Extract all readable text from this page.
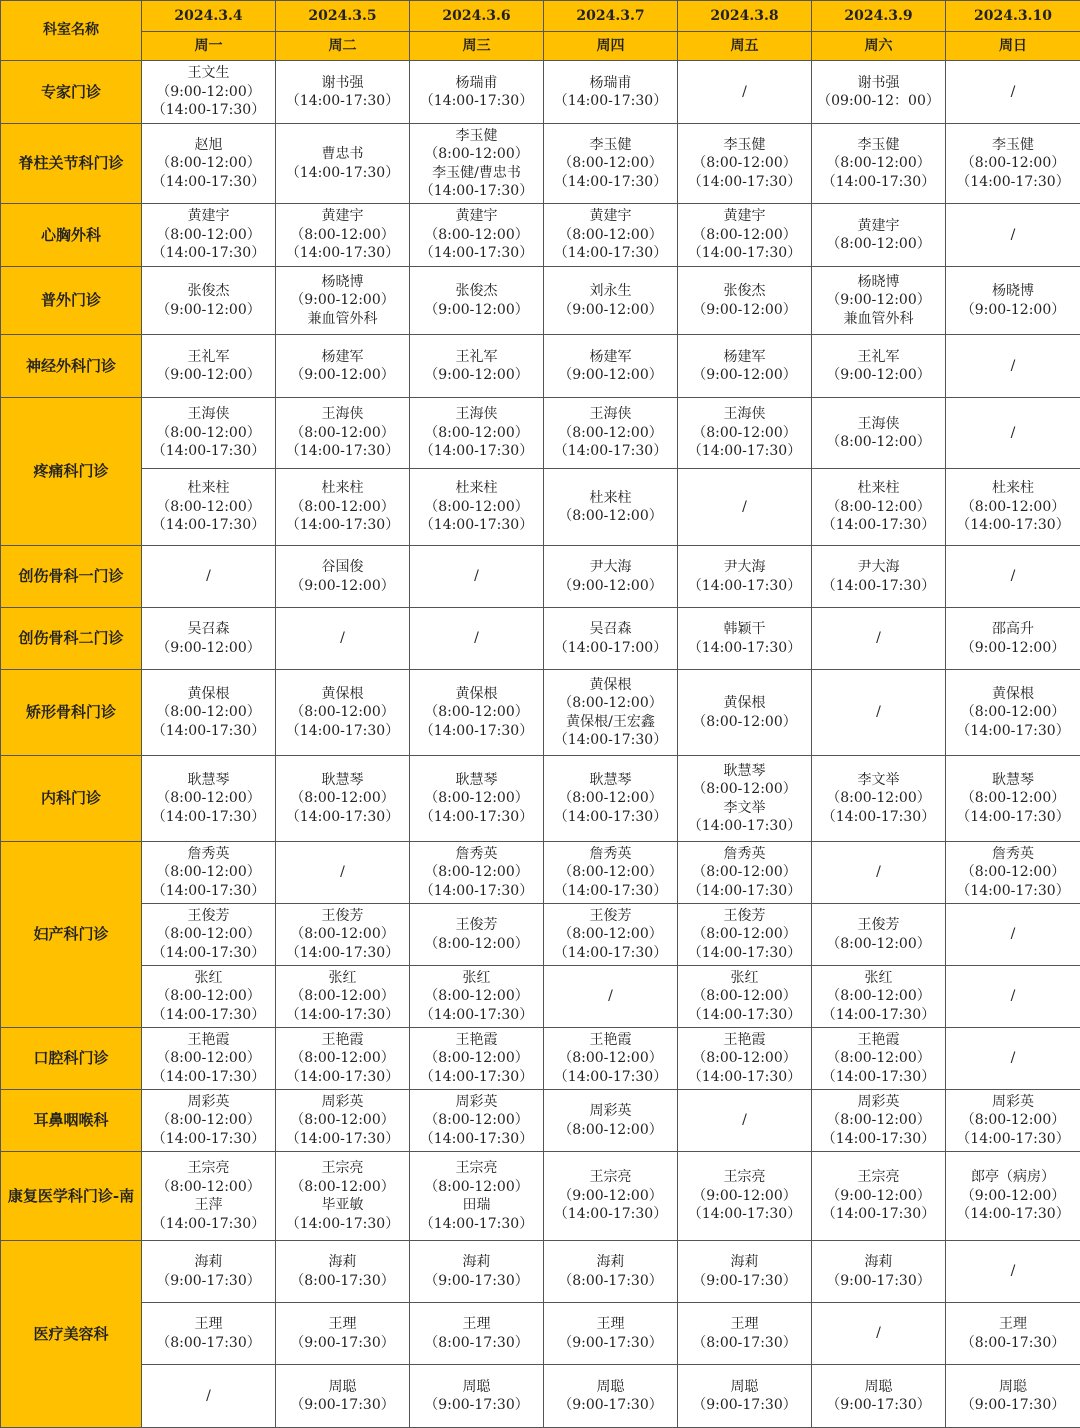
科室名称	2024.3.4	2024.3.5	2024.3.6	2024.3.7	2024.3.8	2024.3.9	2024.3.10
	周一	周二	周三	周四	周五	周六	周日
专家门诊	王文生
（9:00-12:00）
（14:00-17:30）	谢书强
（14:00-17:30）	杨瑞甫
（14:00-17:30）	杨瑞甫
（14:00-17:30）	/	谢书强
（09:00-12：00）	/

脊柱关节科门诊	赵旭
（8:00-12:00）
（14:00-17:30）	曹忠书
（14:00-17:30）	李玉健
（8:00-12:00）
李玉健/曹忠书
（14:00-17:30）	李玉健
（8:00-12:00）
（14:00-17:30）	李玉健
（8:00-12:00）
（14:00-17:30）	李玉健
（8:00-12:00）
（14:00-17:30）	李玉健
（8:00-12:00）
（14:00-17:30）

心胸外科	黄建宇
（8:00-12:00）
（14:00-17:30）	黄建宇
（8:00-12:00）
（14:00-17:30）	黄建宇
（8:00-12:00）
（14:00-17:30）	黄建宇
（8:00-12:00）
（14:00-17:30）	黄建宇
（8:00-12:00）
（14:00-17:30）	黄建宇
（8:00-12:00）	/

普外门诊	张俊杰
（9:00-12:00）	杨晓博
（9:00-12:00）
兼血管外科	张俊杰
（9:00-12:00）	刘永生
（9:00-12:00）	张俊杰
（9:00-12:00）	杨晓博
（9:00-12:00）
兼血管外科	杨晓博
（9:00-12:00）

神经外科门诊	王礼军
（9:00-12:00）	杨建军
（9:00-12:00）	王礼军
（9:00-12:00）	杨建军
（9:00-12:00）	杨建军
（9:00-12:00）	王礼军
（9:00-12:00）	/

疼痛科门诊	王海侠
（8:00-12:00）
（14:00-17:30）	王海侠
（8:00-12:00）
（14:00-17:30）	王海侠
（8:00-12:00）
（14:00-17:30）	王海侠
（8:00-12:00）
（14:00-17:30）	王海侠
（8:00-12:00）
（14:00-17:30）	王海侠
（8:00-12:00）	/

	杜来柱
（8:00-12:00）
（14:00-17:30）	杜来柱
（8:00-12:00）
（14:00-17:30）	杜来柱
（8:00-12:00）
（14:00-17:30）	杜来柱
（8:00-12:00）	/	杜来柱
（8:00-12:00）
（14:00-17:30）	杜来柱
（8:00-12:00）
（14:00-17:30）

创伤骨科一门诊	/	谷国俊
（9:00-12:00）	/	尹大海
（9:00-12:00）	尹大海
（14:00-17:30）	尹大海
（14:00-17:30）	/

创伤骨科二门诊	吴召森
（9:00-12:00）	/	/	吴召森
（14:00-17:00）	韩颖干
（14:00-17:30）	/	邵高升
（9:00-12:00）

矫形骨科门诊	黄保根
（8:00-12:00）
（14:00-17:30）	黄保根
（8:00-12:00）
（14:00-17:30）	黄保根
（8:00-12:00）
（14:00-17:30）	黄保根
（8:00-12:00）
黄保根/王宏鑫
（14:00-17:30）	黄保根
（8:00-12:00）	/	黄保根
（8:00-12:00）
（14:00-17:30）

内科门诊	耿慧琴
（8:00-12:00）
（14:00-17:30）	耿慧琴
（8:00-12:00）
（14:00-17:30）	耿慧琴
（8:00-12:00）
（14:00-17:30）	耿慧琴
（8:00-12:00）
（14:00-17:30）	耿慧琴
（8:00-12:00）
李文举
（14:00-17:30）	李文举
（8:00-12:00）
（14:00-17:30）	耿慧琴
（8:00-12:00）
（14:00-17:30）

妇产科门诊	詹秀英
（8:00-12:00）
（14:00-17:30）	/	詹秀英
（8:00-12:00）
（14:00-17:30）	詹秀英
（8:00-12:00）
（14:00-17:30）	詹秀英
（8:00-12:00）
（14:00-17:30）	/	詹秀英
（8:00-12:00）
（14:00-17:30）

	王俊芳
（8:00-12:00）
（14:00-17:30）	王俊芳
（8:00-12:00）
（14:00-17:30）	王俊芳
（8:00-12:00）	王俊芳
（8:00-12:00）
（14:00-17:30）	王俊芳
（8:00-12:00）
（14:00-17:30）	王俊芳
（8:00-12:00）	/

	张红
（8:00-12:00）
（14:00-17:30）	张红
（8:00-12:00）
（14:00-17:30）	张红
（8:00-12:00）
（14:00-17:30）	/	张红
（8:00-12:00）
（14:00-17:30）	张红
（8:00-12:00）
（14:00-17:30）	/

口腔科门诊	王艳霞
（8:00-12:00）
（14:00-17:30）	王艳霞
（8:00-12:00）
（14:00-17:30）	王艳霞
（8:00-12:00）
（14:00-17:30）	王艳霞
（8:00-12:00）
（14:00-17:30）	王艳霞
（8:00-12:00）
（14:00-17:30）	王艳霞
（8:00-12:00）
（14:00-17:30）	/

耳鼻咽喉科	周彩英
（8:00-12:00）
（14:00-17:30）	周彩英
（8:00-12:00）
（14:00-17:30）	周彩英
（8:00-12:00）
（14:00-17:30）	周彩英
（8:00-12:00）	/	周彩英
（8:00-12:00）
（14:00-17:30）	周彩英
（8:00-12:00）
（14:00-17:30）

康复医学科门诊-南	王宗亮
（8:00-12:00）
王萍
（14:00-17:30）	王宗亮
（8:00-12:00）
毕亚敏
（14:00-17:30）	王宗亮
（8:00-12:00）
田瑞
（14:00-17:30）	王宗亮
（9:00-12:00）
（14:00-17:30）	王宗亮
（9:00-12:00）
（14:00-17:30）	王宗亮
（9:00-12:00）
（14:00-17:30）	郎亭（病房）
（9:00-12:00）
（14:00-17:30）

医疗美容科	海莉
（9:00-17:30）	海莉
（8:00-17:30）	海莉
（9:00-17:30）	海莉
（8:00-17:30）	海莉
（9:00-17:30）	海莉
（9:00-17:30）	/

	王理
（8:00-17:30）	王理
（9:00-17:30）	王理
（8:00-17:30）	王理
（9:00-17:30）	王理
（8:00-17:30）	/	王理
（8:00-17:30）

	/	周聪
（9:00-17:30）	周聪
（9:00-17:30）	周聪
（9:00-17:30）	周聪
（9:00-17:30）	周聪
（9:00-17:30）	周聪
（9:00-17:30）
